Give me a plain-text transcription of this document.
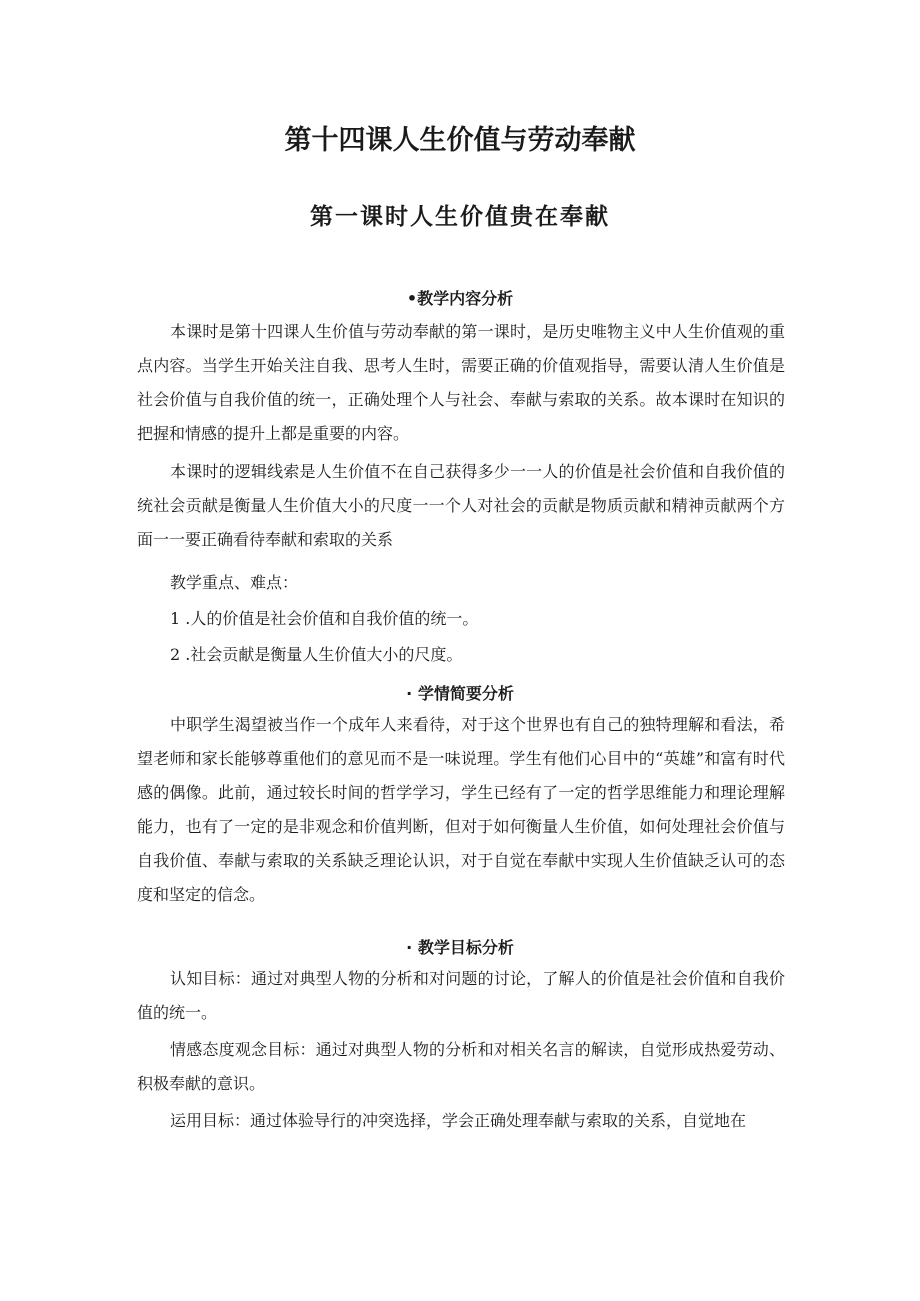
第十四课人生价值与劳动奉献
第一课时人生价值贵在奉献
•教学内容分析

本课时是第十四课人生价值与劳动奉献的第一课时，是历史唯物主义中人生价值观的重点内容。当学生开始关注自我、思考人生时，需要正确的价值观指导，需要认清人生价值是社会价值与自我价值的统一，正确处理个人与社会、奉献与索取的关系。故本课时在知识的把握和情感的提升上都是重要的内容。

本课时的逻辑线索是人生价值不在自己获得多少一一人的价值是社会价值和自我价值的统社会贡献是衡量人生价值大小的尺度一一个人对社会的贡献是物质贡献和精神贡献两个方面一一要正确看待奉献和索取的关系

教学重点、难点：

1 .人的价值是社会价值和自我价值的统一。

2 .社会贡献是衡量人生价值大小的尺度。

· 学情简要分析

中职学生渴望被当作一个成年人来看待，对于这个世界也有自己的独特理解和看法，希望老师和家长能够尊重他们的意见而不是一味说理。学生有他们心目中的“英雄”和富有时代感的偶像。此前，通过较长时间的哲学学习，学生已经有了一定的哲学思维能力和理论理解能力，也有了一定的是非观念和价值判断，但对于如何衡量人生价值，如何处理社会价值与自我价值、奉献与索取的关系缺乏理论认识，对于自觉在奉献中实现人生价值缺乏认可的态度和坚定的信念。

· 教学目标分析

认知目标：通过对典型人物的分析和对问题的讨论，了解人的价值是社会价值和自我价值的统一。

情感态度观念目标：通过对典型人物的分析和对相关名言的解读，自觉形成热爱劳动、积极奉献的意识。

运用目标：通过体验导行的冲突选择，学会正确处理奉献与索取的关系，自觉地在
